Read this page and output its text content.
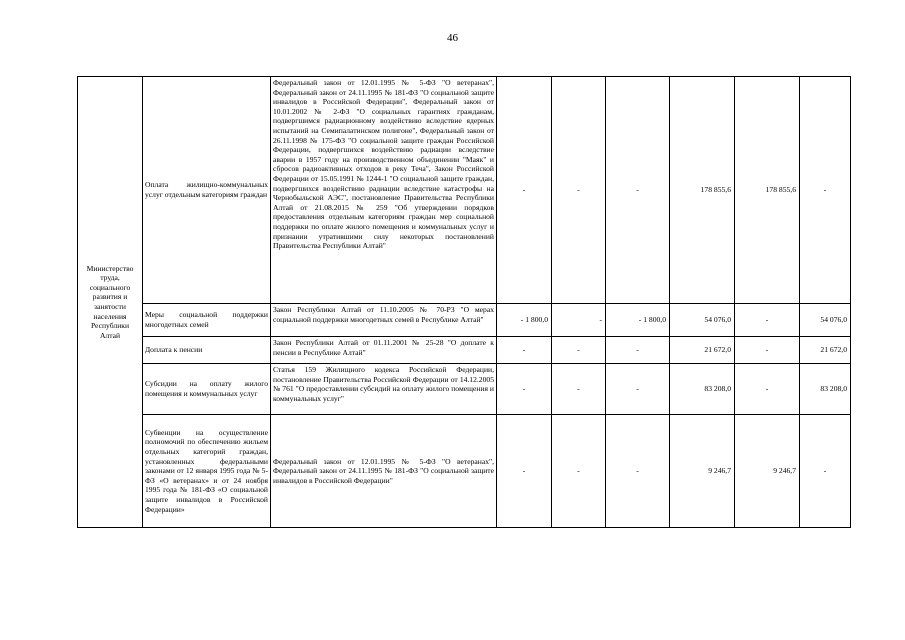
46
Министерство труда, социального развития и занятости населения Республики Алтай	Оплата жилищно-коммунальных услуг отдельным категориям граждан	Федеральный закон от 12.01.1995 № 5-ФЗ "О ветеранах", Федеральный закон от 24.11.1995 № 181-ФЗ "О социальной защите инвалидов в Российской Федерации", Федеральный закон от 10.01.2002 № 2-ФЗ "О социальных гарантиях гражданам, подвергшимся радиационному воздействию вследствие ядерных испытаний на Семипалатинском полигоне", Федеральный закон от 26.11.1998 № 175-ФЗ "О социальной защите граждан Российской Федерации, подвергшихся воздействию радиации вследствие аварии в 1957 году на производственном объединении "Маяк" и сбросов радиоактивных отходов в реку Теча", Закон Российской Федерации от 15.05.1991 № 1244-1 "О социальной защите граждан, подвергшихся воздействию радиации вследствие катастрофы на Чернобыльской АЭС", постановление Правительства Республики Алтай от 21.08.2015 № 259 "Об утверждении порядков предоставления отдельным категориям граждан мер социальной поддержки по оплате жилого помещения и коммунальных услуг и признании утратившими силу некоторых постановлений Правительства Республики Алтай"	-	-	-	178 855,6	178 855,6	-
	Меры социальной поддержки многодетных семей	Закон Республики Алтай от 11.10.2005 № 70-РЗ "О мерах социальной поддержки многодетных семей в Республике Алтай"	- 1 800,0	-	- 1 800,0	54 076,0	-	54 076,0
	Доплата к пенсии	Закон Республики Алтай от 01.11.2001 № 25-28 "О доплате к пенсии в Республике Алтай"	-	-	-	21 672,0	-	21 672,0
	Субсидии на оплату жилого помещения и коммунальных услуг	Статья 159 Жилищного кодекса Российской Федерации, постановление Правительства Российской Федерации от 14.12.2005 № 761 "О предоставлении субсидий на оплату жилого помещения и коммунальных услуг"	-	-	-	83 208,0	-	83 208,0
	Субвенции на осуществление полномочий по обеспечению жильем отдельных категорий граждан, установленных федеральными законами от 12 января 1995 года № 5-ФЗ «О ветеранах» и от 24 ноября 1995 года № 181-ФЗ «О социальной защите инвалидов в Российской Федерации»	Федеральный закон от 12.01.1995 № 5-ФЗ "О ветеранах", Федеральный закон от 24.11.1995 № 181-ФЗ "О социальной защите инвалидов в Российской Федерации"	-	-	-	9 246,7	9 246,7	-
